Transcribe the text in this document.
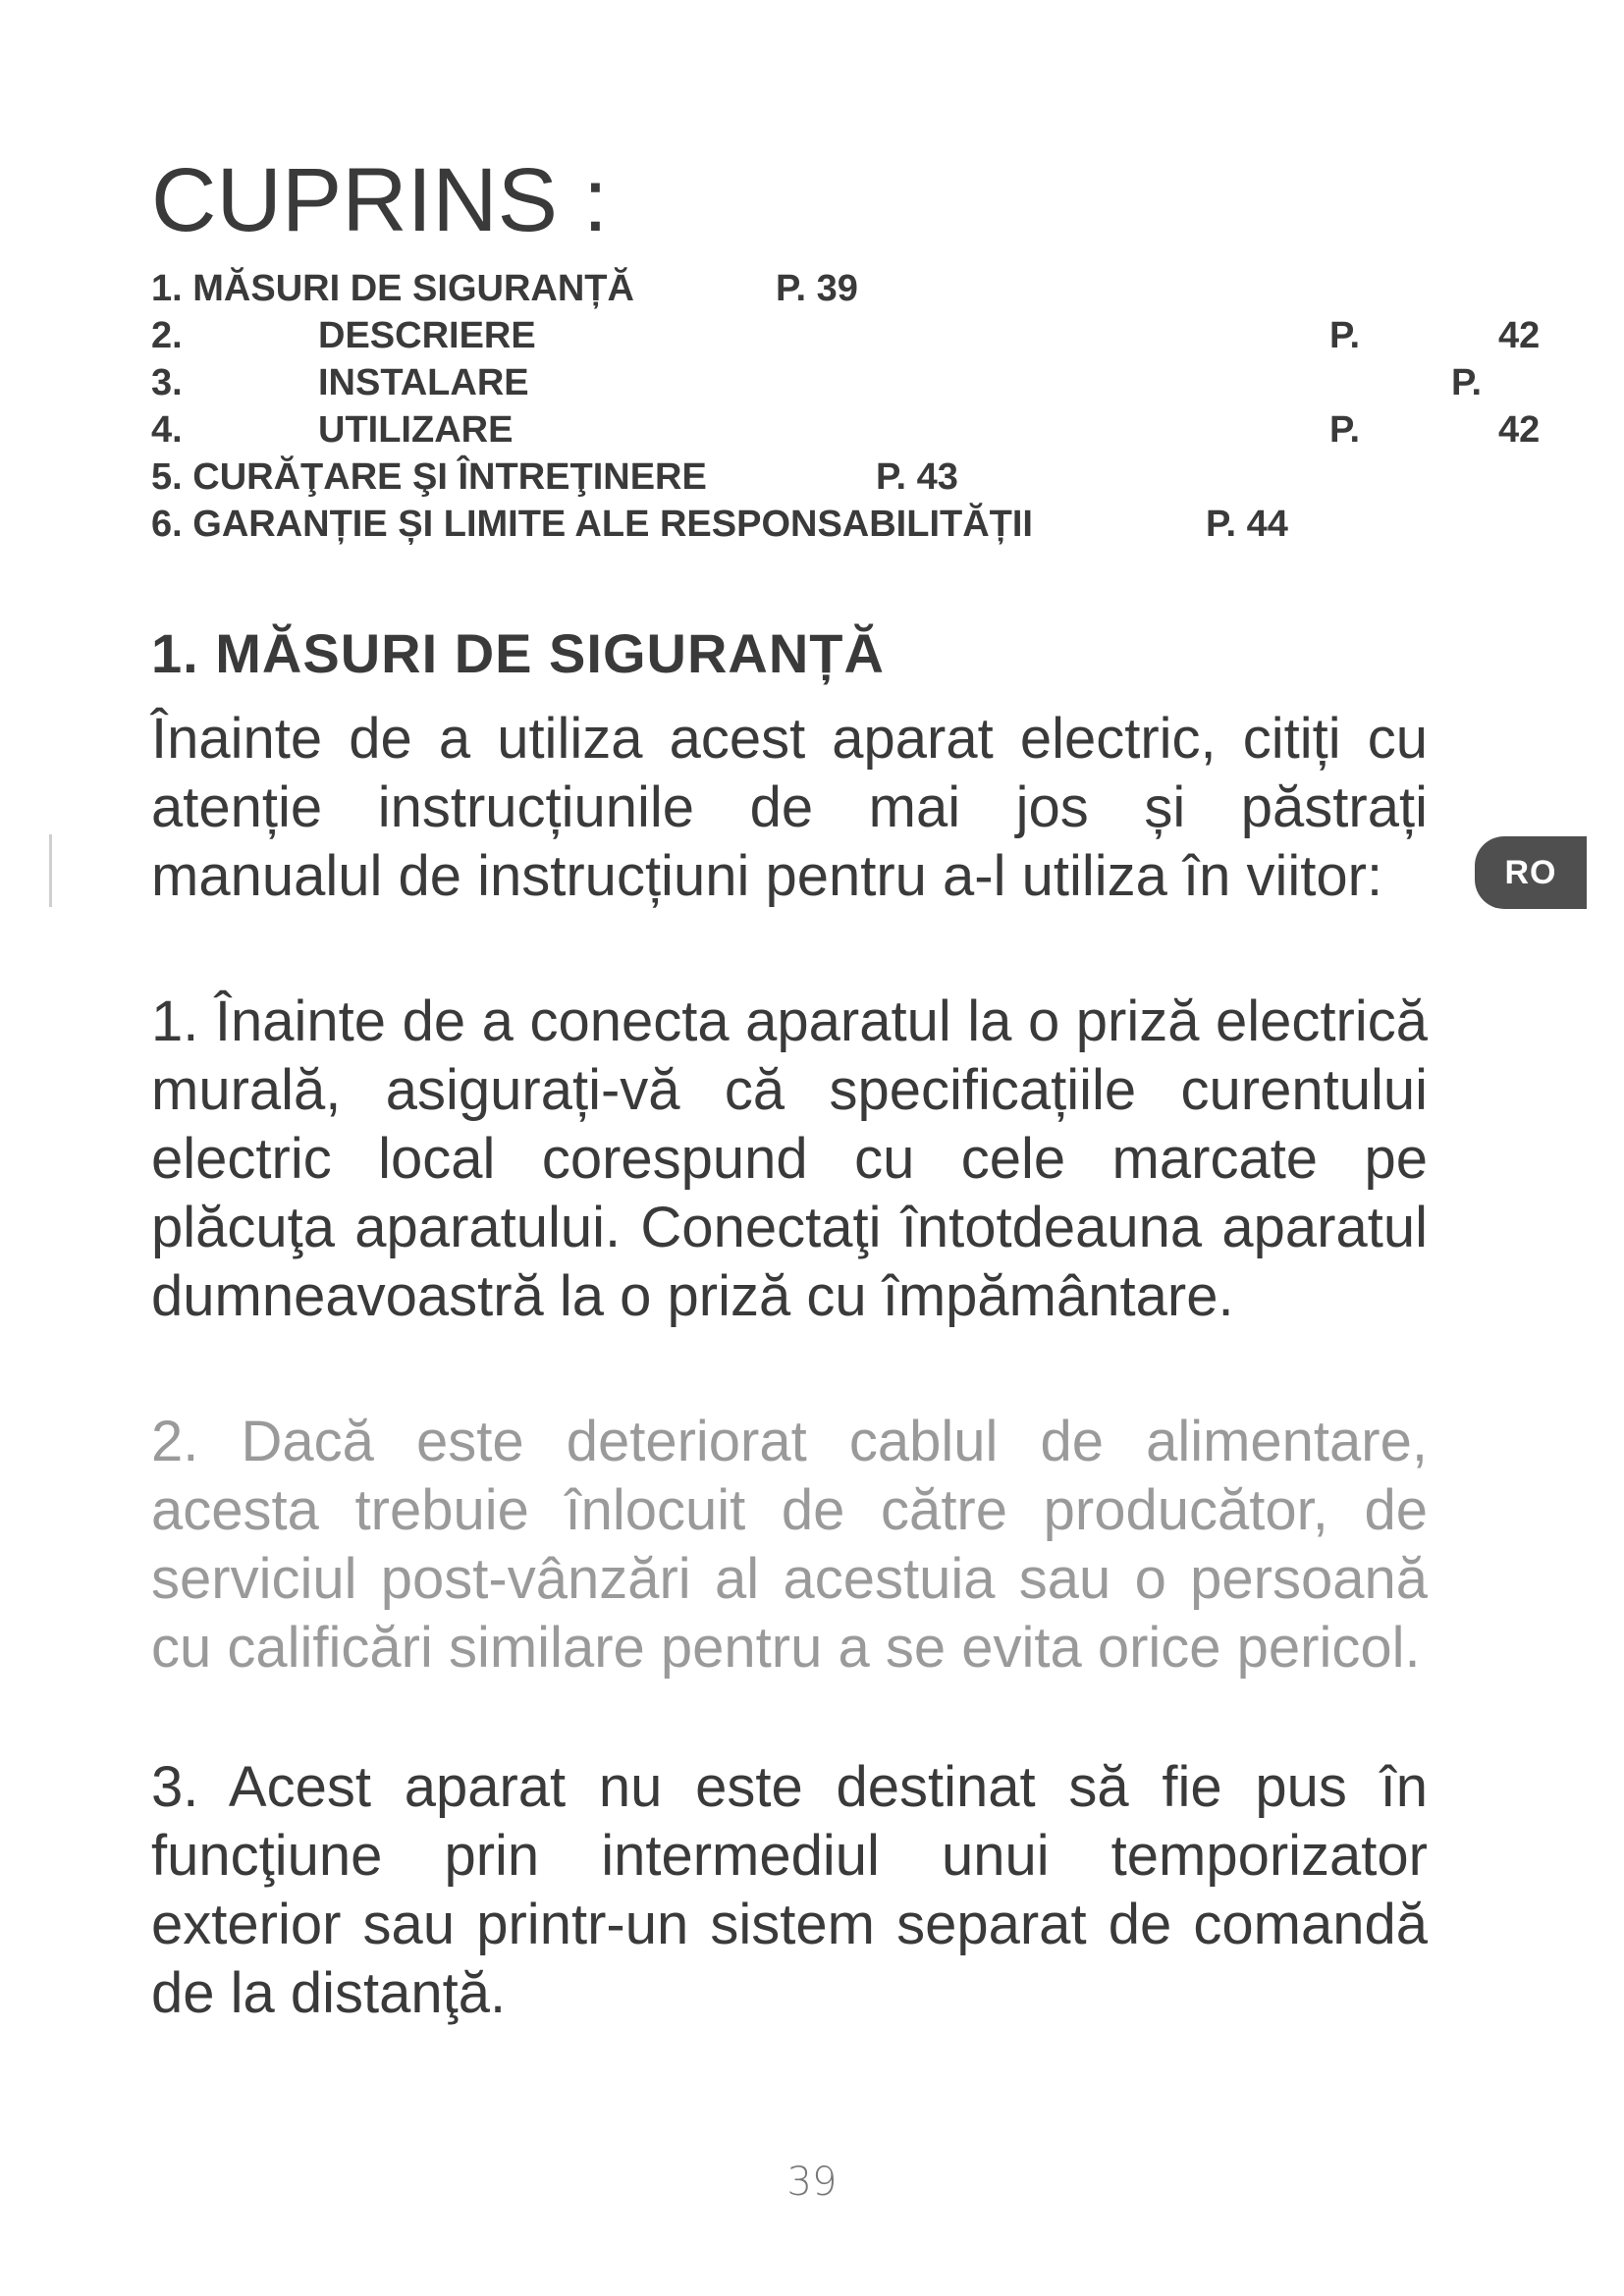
CUPRINS :
1. MĂSURI DE SIGURANȚĂ	P. 39
2.	DESCRIERE	P.	42
3.	INSTALARE	P.
4.	UTILIZARE	P.	42
5. CURĂŢARE ŞI ÎNTREŢINERE	P. 43
6. GARANȚIE ȘI LIMITE ALE RESPONSABILITĂȚII	P. 44
1. MĂSURI DE SIGURANȚĂ

Înainte de a utiliza acest aparat electric, citiți cu atenție instrucțiunile de mai jos și păstrați manualul de instrucțiuni pentru a-l utiliza în viitor:

1. Înainte de a conecta aparatul la o priză electrică murală, asigurați-vă că specificațiile curentului electric local corespund cu cele marcate pe plăcuţa aparatului. Conectaţi întotdeauna aparatul dumneavoastră la o priză cu împământare.

2. Dacă este deteriorat cablul de alimentare, acesta trebuie înlocuit de către producător, de serviciul post-vânzări al acestuia sau o persoană cu calificări similare pentru a se evita orice pericol.

3. Acest aparat nu este destinat să fie pus în funcţiune prin intermediul unui temporizator exterior sau printr-un sistem separat de comandă de la distanţă.

RO
39
